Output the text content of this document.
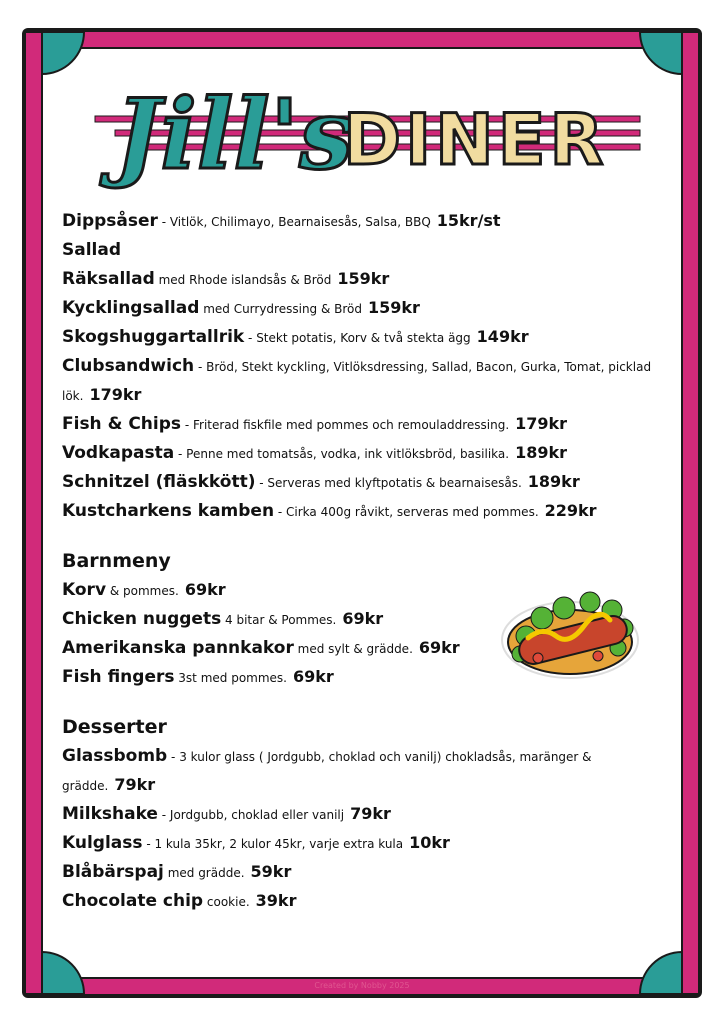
Jill's
DINER
Dippsåser - Vitlök, Chilimayo, Bearnaisesås, Salsa, BBQ 15kr/st
Sallad
Räksallad med Rhode islandsås & Bröd 159kr
Kycklingsallad med Currydressing & Bröd 159kr
Skogshuggartallrik - Stekt potatis, Korv & två stekta ägg 149kr
Clubsandwich - Bröd, Stekt kyckling, Vitlöksdressing, Sallad, Bacon, Gurka, Tomat, picklad lök. 179kr
Fish & Chips - Friterad fiskfile med pommes och remouladdressing. 179kr
Vodkapasta - Penne med tomatsås, vodka, ink vitlöksbröd, basilika. 189kr
Schnitzel (fläskkött) - Serveras med klyftpotatis & bearnaisesås. 189kr
Kustcharkens kamben - Cirka 400g råvikt, serveras med pommes. 229kr
Barnmeny
Korv & pommes. 69kr
Chicken nuggets 4 bitar & Pommes. 69kr
Amerikanska pannkakor med sylt & grädde. 69kr
Fish fingers 3st med pommes. 69kr
Desserter
Glassbomb - 3 kulor glass ( Jordgubb, choklad och vanilj) chokladsås, maränger & grädde. 79kr
Milkshake - Jordgubb, choklad eller vanilj 79kr
Kulglass - 1 kula 35kr, 2 kulor 45kr, varje extra kula 10kr
Blåbärspaj med grädde. 59kr
Chocolate chip cookie. 39kr
Created by Nobby 2025
